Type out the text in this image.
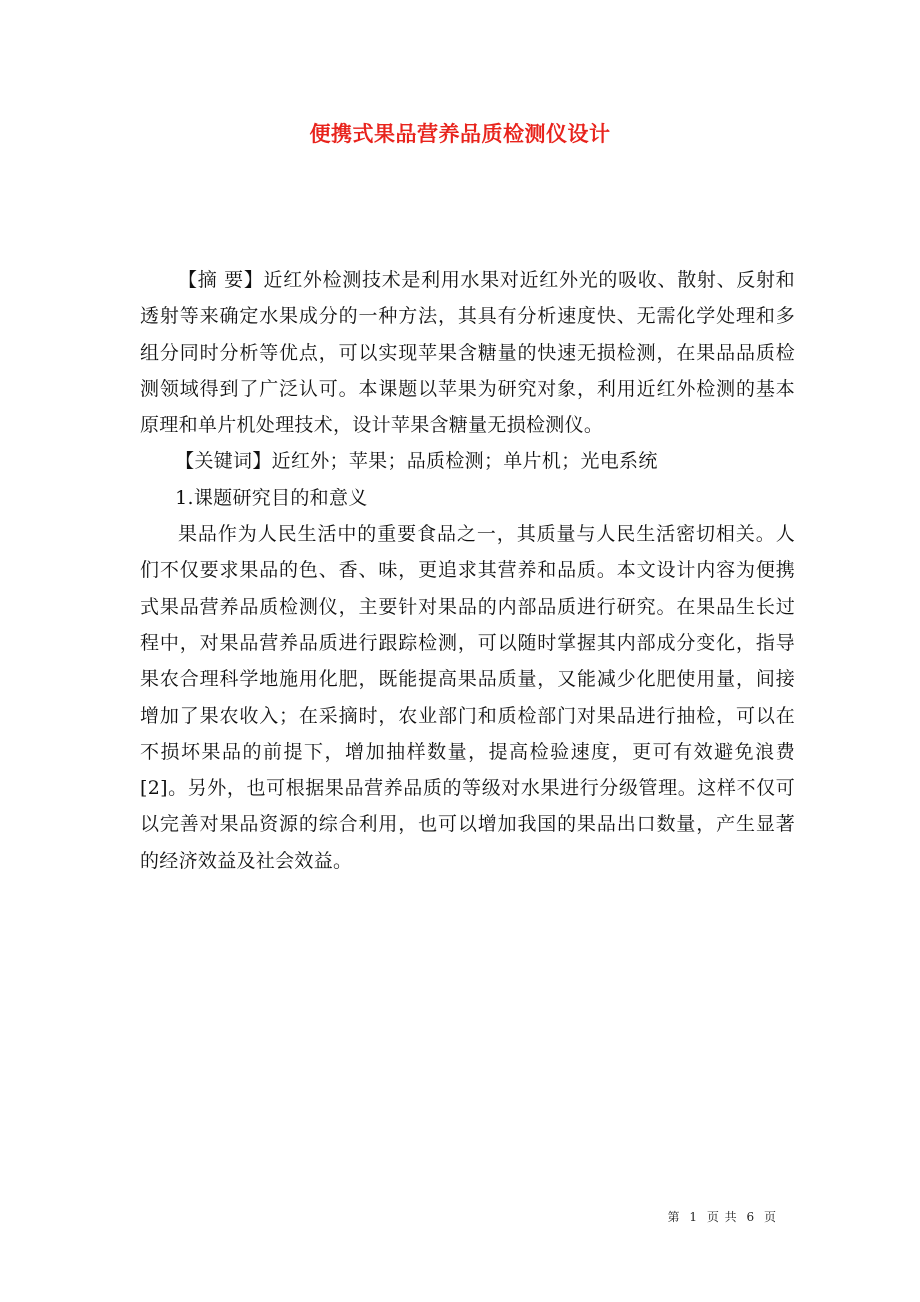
便携式果品营养品质检测仪设计

【摘 要】近红外检测技术是利用水果对近红外光的吸收、散射、反射和透射等来确定水果成分的一种方法，其具有分析速度快、无需化学处理和多组分同时分析等优点，可以实现苹果含糖量的快速无损检测，在果品品质检测领域得到了广泛认可。本课题以苹果为研究对象，利用近红外检测的基本原理和单片机处理技术，设计苹果含糖量无损检测仪。

【关键词】近红外；苹果；品质检测；单片机；光电系统

1.课题研究目的和意义

果品作为人民生活中的重要食品之一，其质量与人民生活密切相关。人们不仅要求果品的色、香、味，更追求其营养和品质。本文设计内容为便携式果品营养品质检测仪，主要针对果品的内部品质进行研究。在果品生长过程中，对果品营养品质进行跟踪检测，可以随时掌握其内部成分变化，指导果农合理科学地施用化肥，既能提高果品质量，又能减少化肥使用量，间接增加了果农收入；在采摘时，农业部门和质检部门对果品进行抽检，可以在不损坏果品的前提下，增加抽样数量，提高检验速度，更可有效避免浪费[2]。另外，也可根据果品营养品质的等级对水果进行分级管理。这样不仅可以完善对果品资源的综合利用，也可以增加我国的果品出口数量，产生显著的经济效益及社会效益。

第 1 页 共 6 页
